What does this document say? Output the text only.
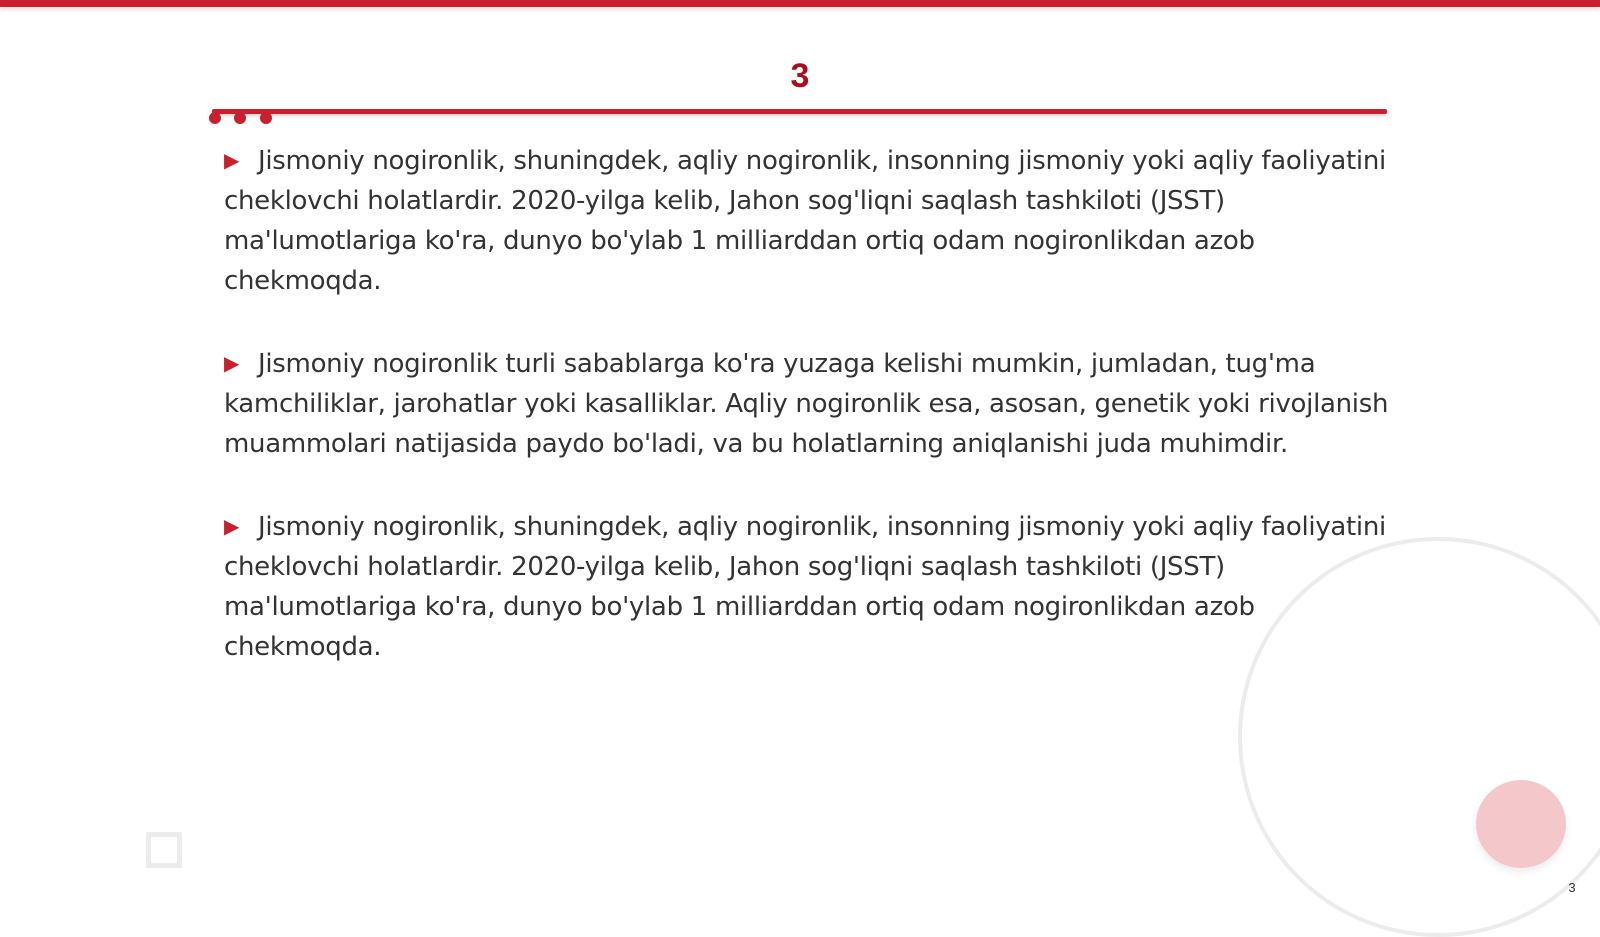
3

▶ Jismoniy nogironlik, shuningdek, aqliy nogironlik, insonning jismoniy yoki aqliy faoliyatini cheklovchi holatlardir. 2020-yilga kelib, Jahon sog'liqni saqlash tashkiloti (JSST) ma'lumotlariga ko'ra, dunyo bo'ylab 1 milliarddan ortiq odam nogironlikdan azob chekmoqda.

▶ Jismoniy nogironlik turli sabablarga ko'ra yuzaga kelishi mumkin, jumladan, tug'ma kamchiliklar, jarohatlar yoki kasalliklar. Aqliy nogironlik esa, asosan, genetik yoki rivojlanish muammolari natijasida paydo bo'ladi, va bu holatlarning aniqlanishi juda muhimdir.

▶ Jismoniy nogironlik, shuningdek, aqliy nogironlik, insonning jismoniy yoki aqliy faoliyatini cheklovchi holatlardir. 2020-yilga kelib, Jahon sog'liqni saqlash tashkiloti (JSST) ma'lumotlariga ko'ra, dunyo bo'ylab 1 milliarddan ortiq odam nogironlikdan azob chekmoqda.

3
